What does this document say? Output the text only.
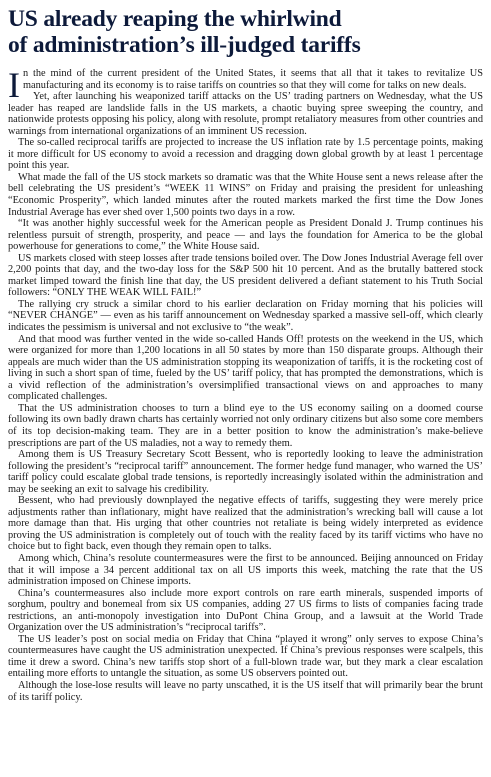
US already reaping the whirlwind
of administration’s ill-judged tariffs

In the mind of the current president of the United States, it seems that all that it takes to revitalize US manufacturing and its economy is to raise tariffs on countries so that they will come for talks on new deals.

Yet, after launching his weaponized tariff attacks on the US’ trading partners on Wednesday, what the US leader has reaped are landslide falls in the US markets, a chaotic buying spree sweeping the country, and nationwide protests opposing his policy, along with resolute, prompt retaliatory measures from other countries and warnings from international organizations of an imminent US recession.

The so-called reciprocal tariffs are projected to increase the US inflation rate by 1.5 percentage points, making it more difficult for US economy to avoid a recession and dragging down global growth by at least 1 percentage point this year.

What made the fall of the US stock markets so dramatic was that the White House sent a news release after the bell celebrating the US president’s “WEEK 11 WINS” on Friday and praising the president for unleashing “Economic Prosperity”, which landed minutes after the routed markets marked the first time the Dow Jones Industrial Average has ever shed over 1,500 points two days in a row.

“It was another highly successful week for the American people as President Donald J. Trump continues his relentless pursuit of strength, prosperity, and peace — and lays the foundation for America to be the global powerhouse for generations to come,” the White House said.

US markets closed with steep losses after trade tensions boiled over. The Dow Jones Industrial Average fell over 2,200 points that day, and the two-day loss for the S&P 500 hit 10 percent. And as the brutally battered stock market limped toward the finish line that day, the US president delivered a defiant statement to his Truth Social followers: “ONLY THE WEAK WILL FAIL!”

The rallying cry struck a similar chord to his earlier declaration on Friday morning that his policies will “NEVER CHANGE” — even as his tariff announcement on Wednesday sparked a massive sell-off, which clearly indicates the pessimism is universal and not exclusive to “the weak”.

And that mood was further vented in the wide so-called Hands Off! protests on the weekend in the US, which were organized for more than 1,200 locations in all 50 states by more than 150 disparate groups. Although their appeals are much wider than the US administration stopping its weaponization of tariffs, it is the rocketing cost of living in such a short span of time, fueled by the US’ tariff policy, that has prompted the demonstrations, which is a vivid reflection of the administration’s oversimplified transactional views on and approaches to many complicated challenges.

That the US administration chooses to turn a blind eye to the US economy sailing on a doomed course following its own badly drawn charts has certainly worried not only ordinary citizens but also some core members of its top decision-making team. They are in a better position to know the administration’s make-believe prescriptions are part of the US maladies, not a way to remedy them.

Among them is US Treasury Secretary Scott Bessent, who is reportedly looking to leave the administration following the president’s “reciprocal tariff” announcement. The former hedge fund manager, who warned the US’ tariff policy could escalate global trade tensions, is reportedly increasingly isolated within the administration and may be seeking an exit to salvage his credibility.

Bessent, who had previously downplayed the negative effects of tariffs, suggesting they were merely price adjustments rather than inflationary, might have realized that the administration’s wrecking ball will cause a lot more damage than that. His urging that other countries not retaliate is being widely interpreted as evidence proving the US administration is completely out of touch with the reality faced by its tariff victims who have no choice but to fight back, even though they remain open to talks.

Among which, China’s resolute countermeasures were the first to be announced. Beijing announced on Friday that it will impose a 34 percent additional tax on all US imports this week, matching the rate that the US administration imposed on Chinese imports.

China’s countermeasures also include more export controls on rare earth minerals, suspended imports of sorghum, poultry and bonemeal from six US companies, adding 27 US firms to lists of companies facing trade restrictions, an anti-monopoly investigation into DuPont China Group, and a lawsuit at the World Trade Organization over the US administration’s “reciprocal tariffs”.

The US leader’s post on social media on Friday that China “played it wrong” only serves to expose China’s countermeasures have caught the US administration unexpected. If China’s previous responses were scalpels, this time it drew a sword. China’s new tariffs stop short of a full-blown trade war, but they mark a clear escalation entailing more efforts to untangle the situation, as some US observers pointed out.

Although the lose-lose results will leave no party unscathed, it is the US itself that will primarily bear the brunt of its tariff policy.
